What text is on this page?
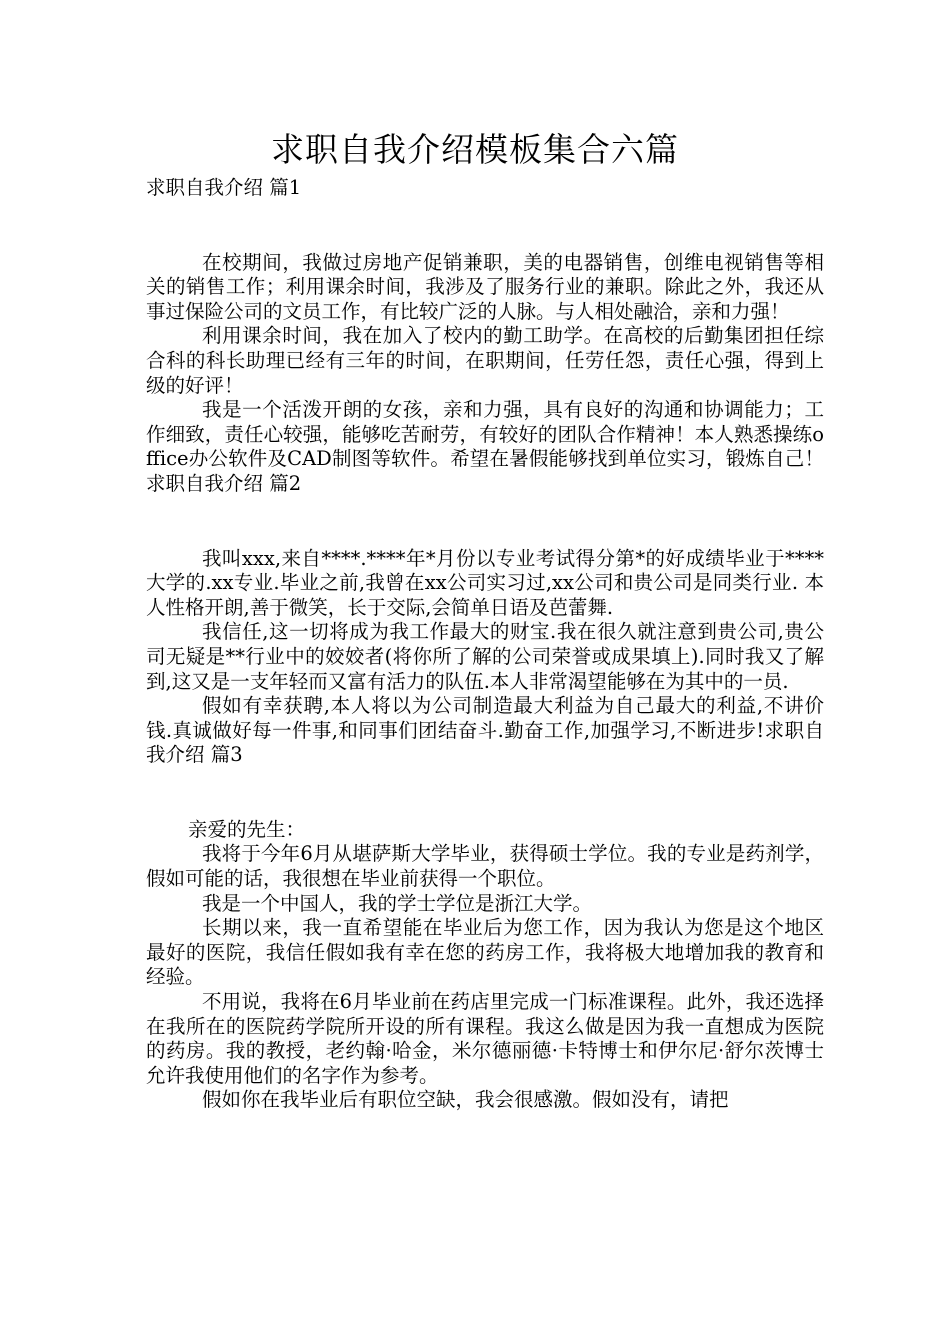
求职自我介绍模板集合六篇

求职自我介绍 篇1

在校期间，我做过房地产促销兼职，美的电器销售，创维电视销售等相关的销售工作；利用课余时间，我涉及了服务行业的兼职。除此之外，我还从事过保险公司的文员工作，有比较广泛的人脉。与人相处融洽，亲和力强！

利用课余时间，我在加入了校内的勤工助学。在高校的后勤集团担任综合科的科长助理已经有三年的时间，在职期间，任劳任怨，责任心强，得到上级的好评！

我是一个活泼开朗的女孩，亲和力强，具有良好的沟通和协调能力；工作细致，责任心较强，能够吃苦耐劳，有较好的团队合作精神！本人熟悉操练office办公软件及CAD制图等软件。希望在暑假能够找到单位实习，锻炼自己！求职自我介绍 篇2

我叫xxx,来自****.****年*月份以专业考试得分第*的好成绩毕业于****大学的.xx专业.毕业之前,我曾在xx公司实习过,xx公司和贵公司是同类行业. 本人性格开朗,善于微笑，长于交际,会简单日语及芭蕾舞.

我信任,这一切将成为我工作最大的财宝.我在很久就注意到贵公司,贵公司无疑是**行业中的姣姣者(将你所了解的公司荣誉或成果填上).同时我又了解到,这又是一支年轻而又富有活力的队伍.本人非常渴望能够在为其中的一员.

假如有幸获聘,本人将以为公司制造最大利益为自己最大的利益,不讲价钱.真诚做好每一件事,和同事们团结奋斗.勤奋工作,加强学习,不断进步!求职自我介绍 篇3

亲爱的先生：

我将于今年6月从堪萨斯大学毕业，获得硕士学位。我的专业是药剂学，假如可能的话，我很想在毕业前获得一个职位。

我是一个中国人，我的学士学位是浙江大学。

长期以来，我一直希望能在毕业后为您工作，因为我认为您是这个地区最好的医院，我信任假如我有幸在您的药房工作，我将极大地增加我的教育和经验。

不用说，我将在6月毕业前在药店里完成一门标准课程。此外，我还选择在我所在的医院药学院所开设的所有课程。我这么做是因为我一直想成为医院的药房。我的教授，老约翰·哈金，米尔德丽德·卡特博士和伊尔尼·舒尔茨博士允许我使用他们的名字作为参考。

假如你在我毕业后有职位空缺，我会很感激。假如没有，请把
